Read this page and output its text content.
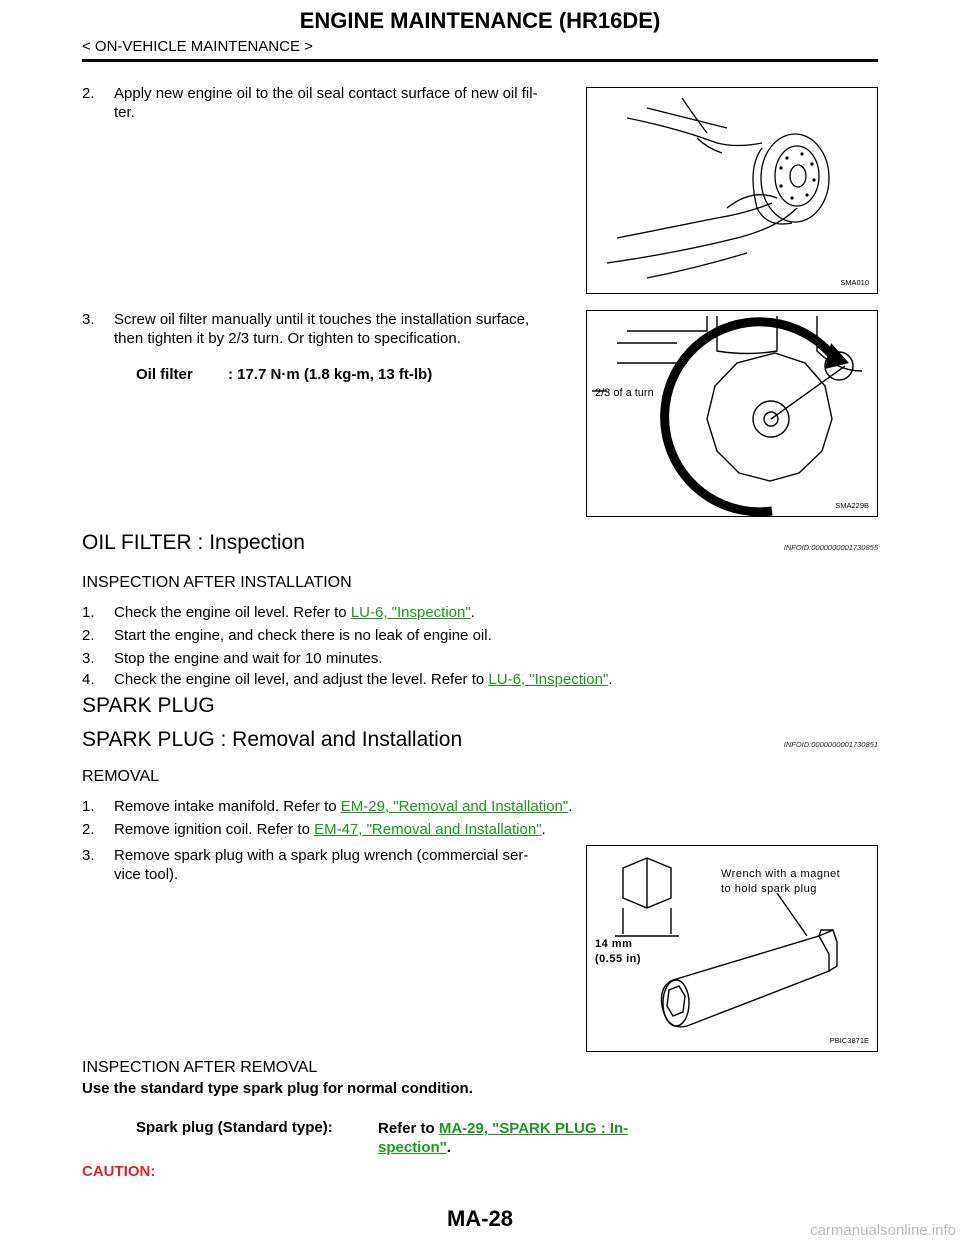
ENGINE MAINTENANCE (HR16DE)
< ON-VEHICLE MAINTENANCE >
2. Apply new engine oil to the oil seal contact surface of new oil fil-
ter.
SMA010
3. Screw oil filter manually until it touches the installation surface,
then tighten it by 2/3 turn. Or tighten to specification.
Oil filter : 17.7 N·m (1.8 kg-m, 13 ft-lb)
2/3 of a turn
SMA229B
OIL FILTER : Inspection	INFOID:0000000001730855
INSPECTION AFTER INSTALLATION
1. Check the engine oil level. Refer to LU-6, "Inspection".
2. Start the engine, and check there is no leak of engine oil.
3. Stop the engine and wait for 10 minutes.
4. Check the engine oil level, and adjust the level. Refer to LU-6, "Inspection".
SPARK PLUG
SPARK PLUG : Removal and Installation	INFOID:0000000001730851
REMOVAL
1. Remove intake manifold. Refer to EM-29, "Removal and Installation".
2. Remove ignition coil. Refer to EM-47, "Removal and Installation".
3. Remove spark plug with a spark plug wrench (commercial ser-
vice tool).	Wrench with a magnet
to hold spark plug
14 mm
(0.55 in)
PBIC3871E
INSPECTION AFTER REMOVAL
Use the standard type spark plug for normal condition.
Spark plug (Standard type):	Refer to MA-29, "SPARK PLUG : In-
spection".
CAUTION:
MA-28	carmanualsonline.info
